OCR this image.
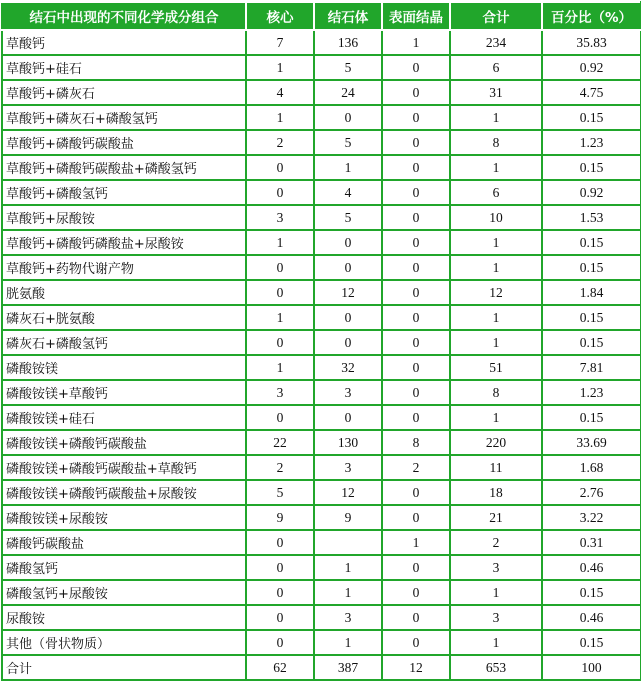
结石中出现的不同化学成分组合	核心	结石体	表面结晶	合计	百分比（%）
草酸钙	7	136	1	234	35.83
草酸钙+硅石	1	5	0	6	0.92
草酸钙+磷灰石	4	24	0	31	4.75
草酸钙+磷灰石+磷酸氢钙	1	0	0	1	0.15
草酸钙+磷酸钙碳酸盐	2	5	0	8	1.23
草酸钙+磷酸钙碳酸盐+磷酸氢钙	0	1	0	1	0.15
草酸钙+磷酸氢钙	0	4	0	6	0.92
草酸钙+尿酸铵	3	5	0	10	1.53
草酸钙+磷酸钙磷酸盐+尿酸铵	1	0	0	1	0.15
草酸钙+药物代谢产物	0	0	0	1	0.15
胱氨酸	0	12	0	12	1.84
磷灰石+胱氨酸	1	0	0	1	0.15
磷灰石+磷酸氢钙	0	0	0	1	0.15
磷酸铵镁	1	32	0	51	7.81
磷酸铵镁+草酸钙	3	3	0	8	1.23
磷酸铵镁+硅石	0	0	0	1	0.15
磷酸铵镁+磷酸钙碳酸盐	22	130	8	220	33.69
磷酸铵镁+磷酸钙碳酸盐+草酸钙	2	3	2	11	1.68
磷酸铵镁+磷酸钙碳酸盐+尿酸铵	5	12	0	18	2.76
磷酸铵镁+尿酸铵	9	9	0	21	3.22
磷酸钙碳酸盐	0		1	2	0.31
磷酸氢钙	0	1	0	3	0.46
磷酸氢钙+尿酸铵	0	1	0	1	0.15
尿酸铵	0	3	0	3	0.46
其他（骨状物质）	0	1	0	1	0.15
合计	62	387	12	653	100
